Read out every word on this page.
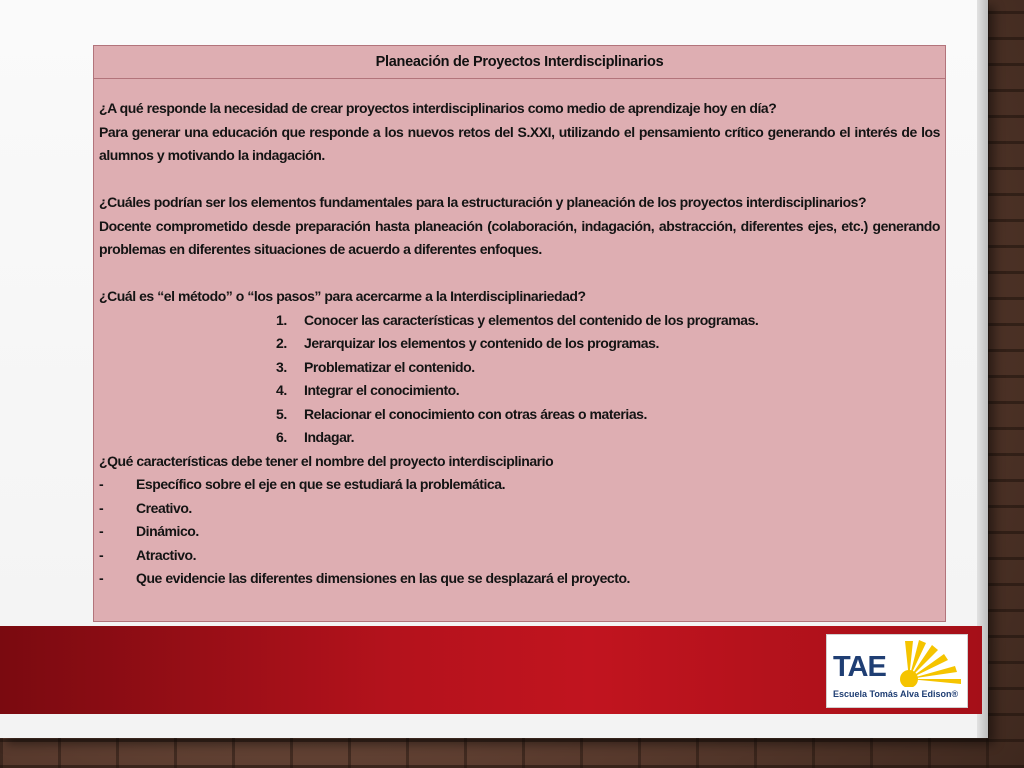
Planeación de Proyectos Interdisciplinarios

¿A qué responde la necesidad de crear proyectos interdisciplinarios como medio de aprendizaje hoy en día?

Para generar una educación que responde a los nuevos retos del S.XXI, utilizando el pensamiento crítico generando el interés de los alumnos y motivando la indagación.

¿Cuáles podrían ser los elementos fundamentales para la estructuración y planeación de los proyectos interdisciplinarios?

Docente comprometido desde preparación hasta planeación (colaboración, indagación, abstracción, diferentes ejes, etc.) generando problemas en diferentes situaciones de acuerdo a diferentes enfoques.

¿Cuál es “el método” o “los pasos” para acercarme a la Interdisciplinariedad?

1. Conocer las características y elementos del contenido de los programas.
2. Jerarquizar los elementos y contenido de los programas.
3. Problematizar el contenido.
4. Integrar el conocimiento.
5. Relacionar el conocimiento con otras áreas o materias.
6. Indagar.

¿Qué características debe tener el nombre del proyecto interdisciplinario

- Específico sobre el eje en que se estudiará la problemática.
- Creativo.
- Dinámico.
- Atractivo.
- Que evidencie las diferentes dimensiones en las que se desplazará el proyecto.
TAE
Escuela Tomás Alva Edison®
